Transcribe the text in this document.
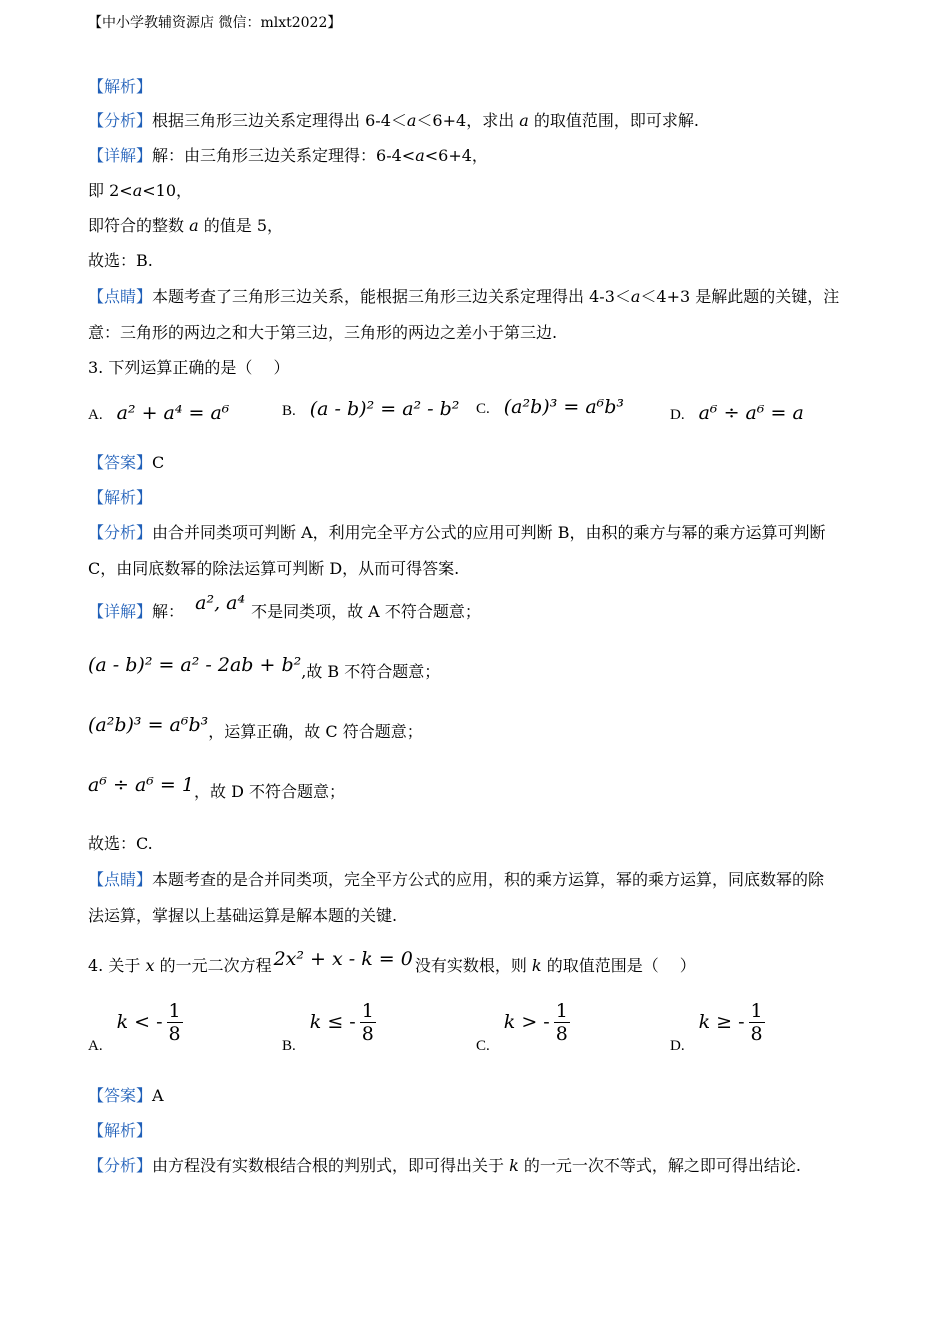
【中小学教辅资源店 微信：mlxt2022】
【解析】
【分析】根据三角形三边关系定理得出 6-4＜a＜6+4，求出 a 的取值范围，即可求解.
【详解】解：由三角形三边关系定理得：6-4<a<6+4，
即 2<a<10，
即符合的整数 a 的值是 5，
故选：B.
【点睛】本题考查了三角形三边关系，能根据三角形三边关系定理得出 4-3＜a＜4+3 是解此题的关键，注
意：三角形的两边之和大于第三边，三角形的两边之差小于第三边.
3. 下列运算正确的是（　 ）
A. a² + a⁴ = a⁶	B. (a - b)² = a² - b² C. (a²b)³ = a⁶b³	D. a⁶ ÷ a⁶ = a
【答案】C
【解析】
【分析】由合并同类项可判断 A，利用完全平方公式的应用可判断 B，由积的乘方与幂的乘方运算可判断
C，由同底数幂的除法运算可判断 D，从而可得答案.
【详解】解： a², a⁴ 不是同类项，故 A 不符合题意；
(a - b)² = a² - 2ab + b²,故 B 不符合题意；
(a²b)³ = a⁶b³，运算正确，故 C 符合题意；
a⁶ ÷ a⁶ = 1，故 D 不符合题意；
故选：C.
【点睛】本题考查的是合并同类项，完全平方公式的应用，积的乘方运算，幂的乘方运算，同底数幂的除
法运算，掌握以上基础运算是解本题的关键.
4. 关于 x 的一元二次方程 2x² + x - k = 0 没有实数根，则 k 的取值范围是（　 ）
A.k < - $\frac{1}{8}$
B.k ≤ - $\frac{1}{8}$
C.k > - $\frac{1}{8}$
D.k ≥ - $\frac{1}{8}$
【答案】A
【解析】
【分析】由方程没有实数根结合根的判别式，即可得出关于 k 的一元一次不等式，解之即可得出结论.
